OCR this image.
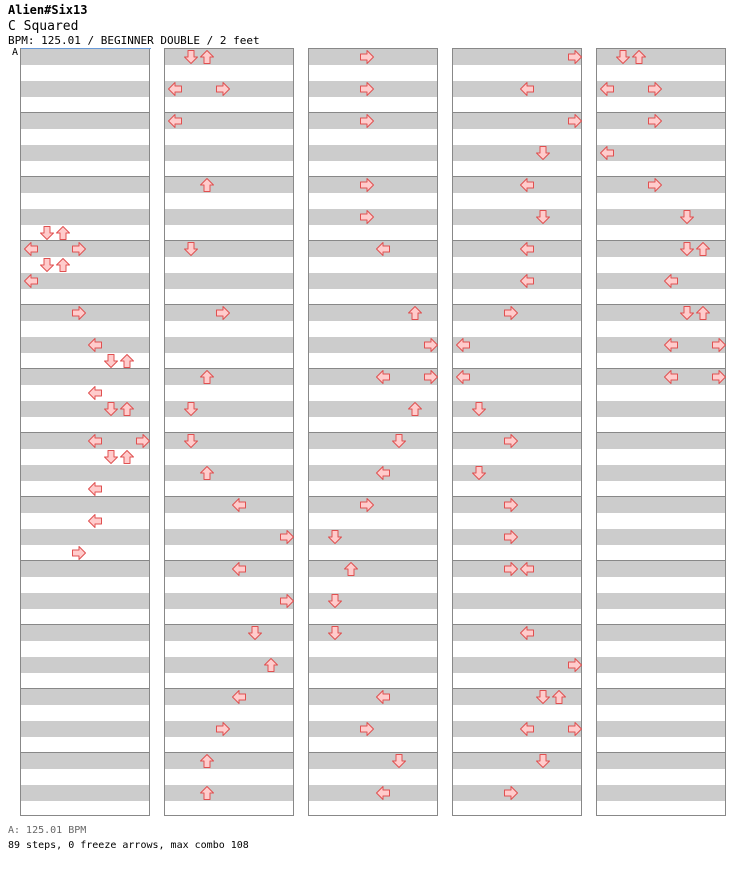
Alien#Six13
C Squared
BPM: 125.01 / BEGINNER DOUBLE / 2 feet
A
A: 125.01 BPM
89 steps, 0 freeze arrows, max combo 108
